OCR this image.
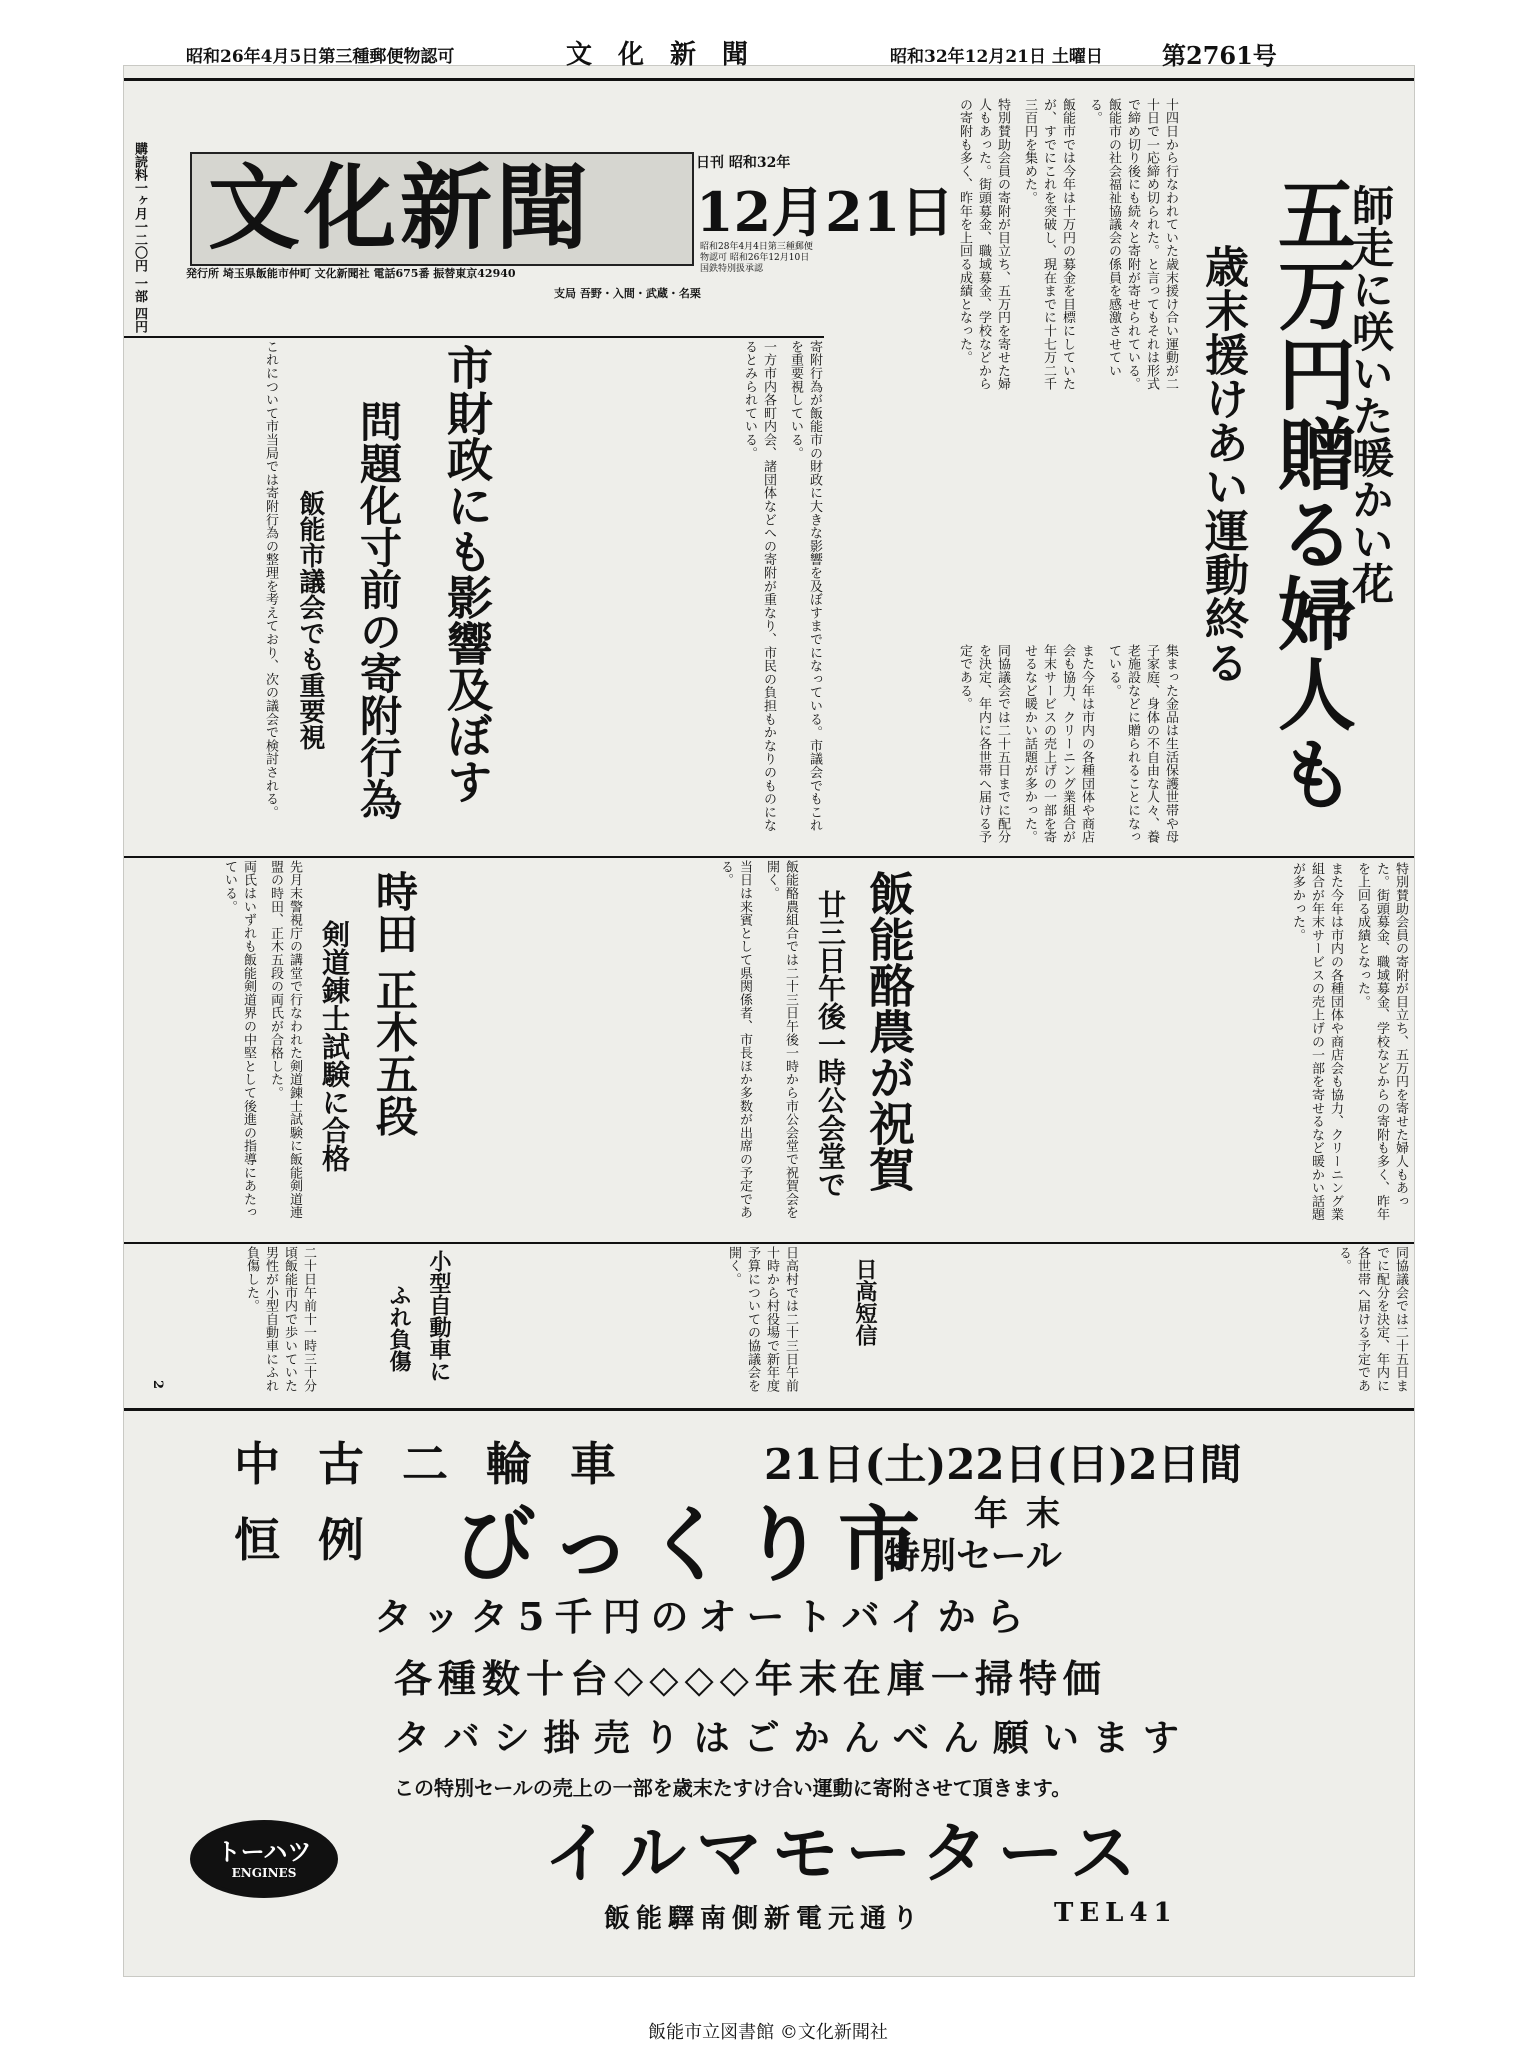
昭和26年4月5日第三種郵便物認可	文化新聞	昭和32年12月21日 土曜日 第2761号
購読料一ヶ月一二〇円 一部 四円 文化新聞	日刊 昭和32年
12月21日
昭和28年4月4日第三種郵便物認可 昭和26年12月10日 国鉄特別扱承認
発行所 埼玉県飯能市仲町 文化新聞社 電話675番 振替東京42940
支局 吾野・入間・武蔵・名栗	師走に咲いた暖かい花
五万円贈る婦人も
歳末援けあい運動終る

十四日から行なわれていた歳末援け合い運動が二十日で一応締め切られた。と言ってもそれは形式で締め切り後にも続々と寄附が寄せられている。飯能市の社会福祉協議会の係員を感激させている。

飯能市では今年は十万円の募金を目標にしていたが、すでにこれを突破し、現在までに十七万二千三百円を集めた。

特別賛助会員の寄附が目立ち、五万円を寄せた婦人もあった。街頭募金、職域募金、学校などからの寄附も多く、昨年を上回る成績となった。

集まった金品は生活保護世帯や母子家庭、身体の不自由な人々、養老施設などに贈られることになっている。

また今年は市内の各種団体や商店会も協力、クリーニング業組合が年末サービスの売上げの一部を寄せるなど暖かい話題が多かった。

同協議会では二十五日までに配分を決定、年内に各世帯へ届ける予定である。

市財政にも影響及ぼす
問題化寸前の寄附行為
飯能市議会でも重要視	寄附行為が飯能市の財政に大きな影響を及ぼすまでになっている。市議会でもこれを重要視している。

一方市内各町内会、諸団体などへの寄附が重なり、市民の負担もかなりのものになるとみられている。

これについて市当局では寄附行為の整理を考えており、次の議会で検討される。

時田 正木五段
剣道錬士試験に合格

先月末警視庁の講堂で行なわれた剣道錬士試験に飯能剣道連盟の時田、正木五段の両氏が合格した。

両氏はいずれも飯能剣道界の中堅として後進の指導にあたっている。	飯能酪農が祝賀
廿三日午後一時公会堂で

飯能酪農組合では二十三日午後一時から市公会堂で祝賀会を開く。

当日は来賓として県関係者、市長ほか多数が出席の予定である。	特別賛助会員の寄附が目立ち、五万円を寄せた婦人もあった。街頭募金、職域募金、学校などからの寄附も多く、昨年を上回る成績となった。

また今年は市内の各種団体や商店会も協力、クリーニング業組合が年末サービスの売上げの一部を寄せるなど暖かい話題が多かった。

小型自動車に
ふれ負傷

二十日午前十一時三十分頃飯能市内で歩いていた男性が小型自動車にふれ負傷した。	日高短信

日高村では二十三日午前十時から村役場で新年度予算についての協議会を開く。	同協議会では二十五日までに配分を決定、年内に各世帯へ届ける予定である。

2
中古二輪車	21日(土)22日(日)2日間
恒例 びっくり市 年末
特別セール
タッタ5千円のオートバイから
各種数十台◇◇◇◇年末在庫一掃特価
タバシ掛売りはごかんべん願います
この特別セールの売上の一部を歳末たすけ合い運動に寄附させて頂きます。
イルマモータース
飯能驛南側新電元通り	TEL41
トーハツ
ENGINES
飯能市立図書館 ©文化新聞社
